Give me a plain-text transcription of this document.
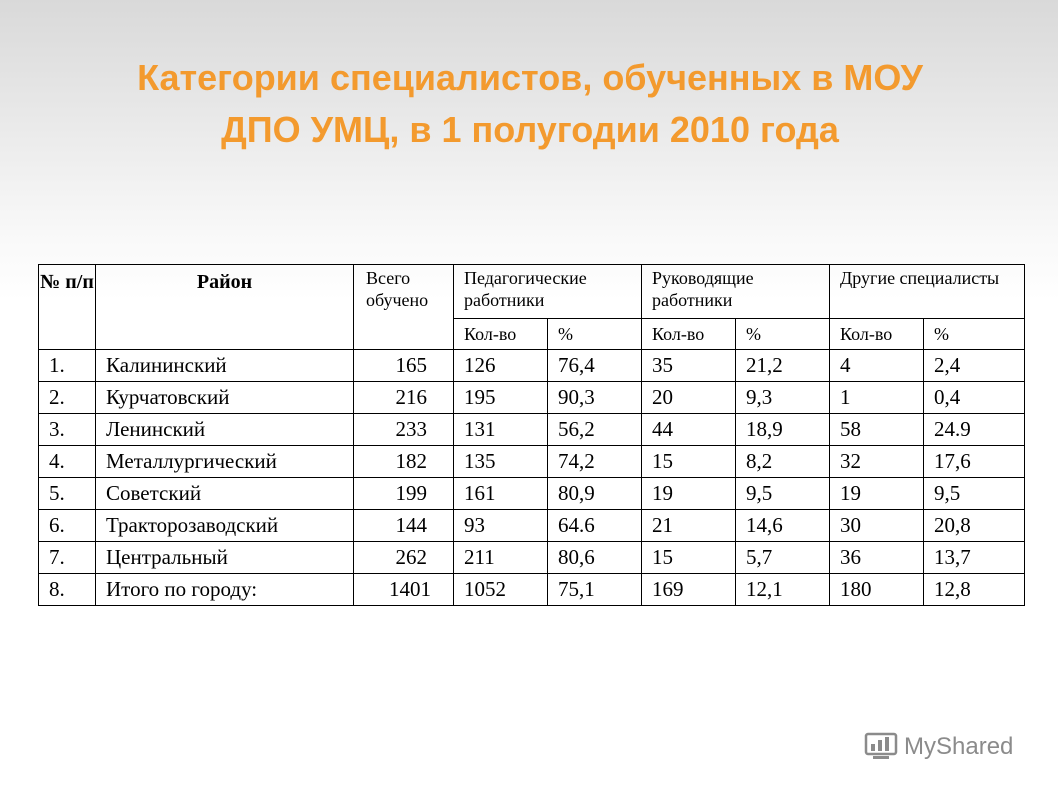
Категории специалистов, обученных в МОУ
ДПО УМЦ, в 1 полугодии 2010 года
№ п/п	Район	Всего обучено	Педагогические работники		Руководящие работники		Другие специалисты	
			Кол-во	%	Кол-во	%	Кол-во	%
1.	Калининский	165	126	76,4	35	21,2	4	2,4
2.	Курчатовский	216	195	90,3	20	9,3	1	0,4
3.	Ленинский	233	131	56,2	44	18,9	58	24.9
4.	Металлургический	182	135	74,2	15	8,2	32	17,6
5.	Советский	199	161	80,9	19	9,5	19	9,5
6.	Тракторозаводский	144	93	64.6	21	14,6	30	20,8
7.	Центральный	262	211	80,6	15	5,7	36	13,7
8.	Итого по городу:	1401	1052	75,1	169	12,1	180	12,8
MyShared
